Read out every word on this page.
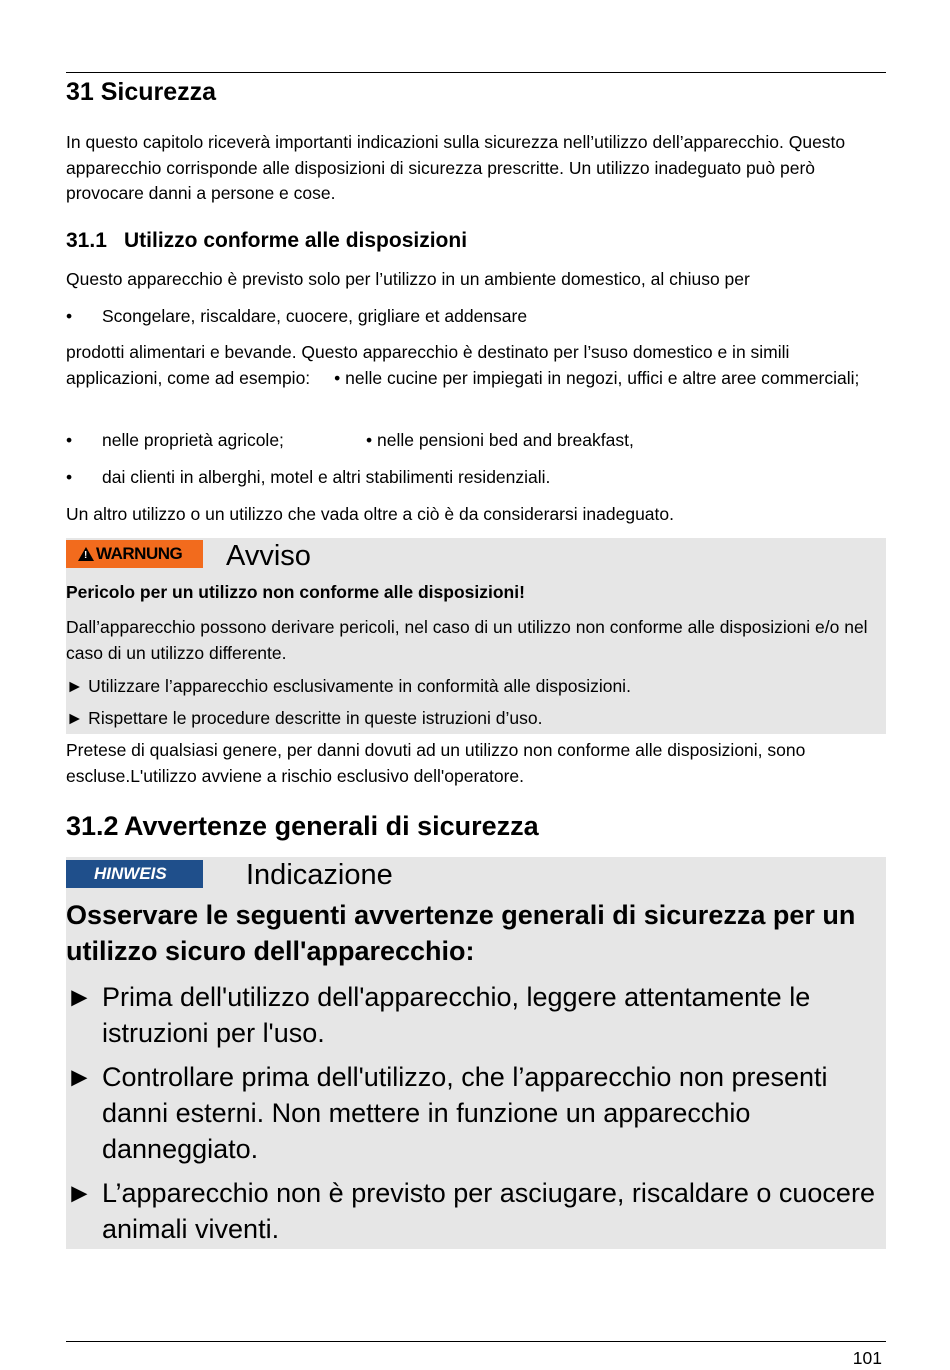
31 Sicurezza
In questo capitolo riceverà importanti indicazioni sulla sicurezza nell’utilizzo dell’apparecchio. Questo apparecchio corrisponde alle disposizioni di sicurezza prescritte. Un utilizzo inadeguato può però provocare danni a persone e cose.
31.1 Utilizzo conforme alle disposizioni
Questo apparecchio è previsto solo per l’utilizzo in un ambiente domestico, al chiuso per
• Scongelare, riscaldare, cuocere, grigliare et addensare
prodotti alimentari e bevande. Questo apparecchio è destinato per l’suso domestico e in simili applicazioni, come ad esempio: • nelle cucine per impiegati in negozi, uffici e altre aree commerciali;
• nelle proprietà agricole;	• nelle pensioni bed and breakfast,
• dai clienti in alberghi, motel e altri stabilimenti residenziali.
Un altro utilizzo o un utilizzo che vada oltre a ciò è da considerarsi inadeguato.
! WARNUNG Avviso
Pericolo per un utilizzo non conforme alle disposizioni!
Dall’apparecchio possono derivare pericoli, nel caso di un utilizzo non conforme alle disposizioni e/o nel caso di un utilizzo differente.
► Utilizzare l’apparecchio esclusivamente in conformità alle disposizioni.
► Rispettare le procedure descritte in queste istruzioni d’uso.
Pretese di qualsiasi genere, per danni dovuti ad un utilizzo non conforme alle disposizioni, sono escluse.L'utilizzo avviene a rischio esclusivo dell'operatore.
31.2 Avvertenze generali di sicurezza
HINWEIS	Indicazione
Osservare le seguenti avvertenze generali di sicurezza per un utilizzo sicuro dell'apparecchio:
► Prima dell'utilizzo dell'apparecchio, leggere attentamente le istruzioni per l'uso.
► Controllare prima dell'utilizzo, che l’apparecchio non presenti danni esterni. Non mettere in funzione un apparecchio danneggiato.
► L’apparecchio non è previsto per asciugare, riscaldare o cuocere animali viventi.
101
